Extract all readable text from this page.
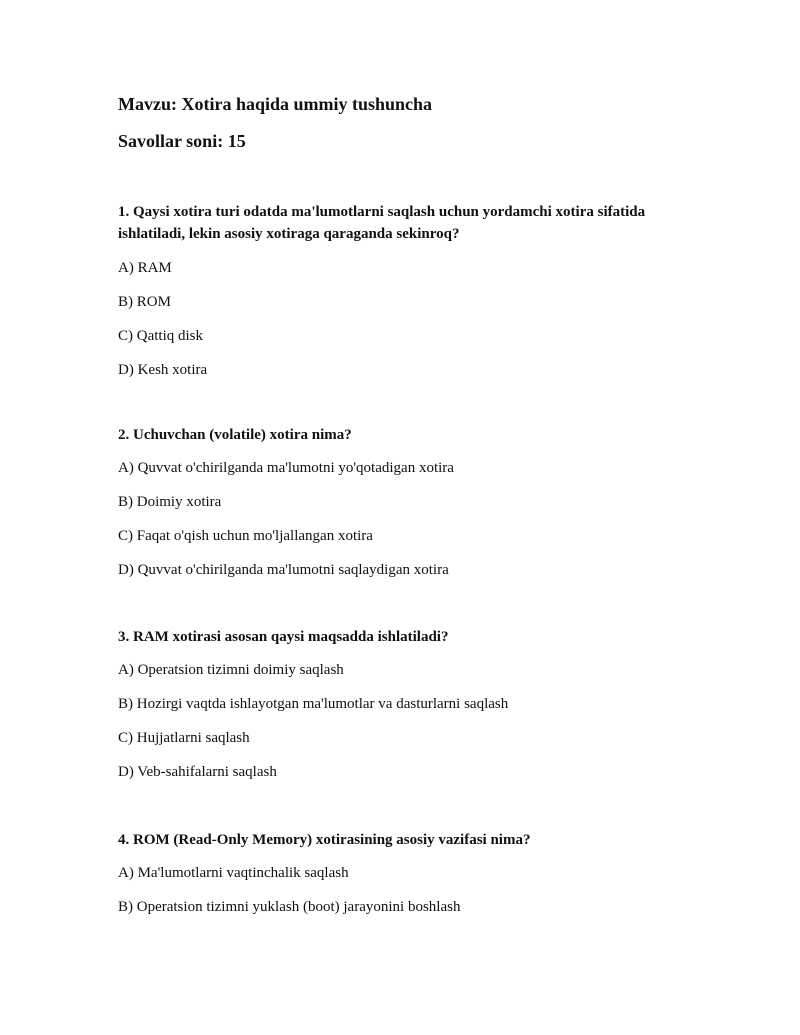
Mavzu: Xotira haqida ummiy tushuncha
Savollar soni: 15

1. Qaysi xotira turi odatda ma'lumotlarni saqlash uchun yordamchi xotira sifatida ishlatiladi, lekin asosiy xotiraga qaraganda sekinroq?

A) RAM

B) ROM

C) Qattiq disk

D) Kesh xotira

2. Uchuvchan (volatile) xotira nima?

A) Quvvat o'chirilganda ma'lumotni yo'qotadigan xotira

B) Doimiy xotira

C) Faqat o'qish uchun mo'ljallangan xotira

D) Quvvat o'chirilganda ma'lumotni saqlaydigan xotira

3. RAM xotirasi asosan qaysi maqsadda ishlatiladi?

A) Operatsion tizimni doimiy saqlash

B) Hozirgi vaqtda ishlayotgan ma'lumotlar va dasturlarni saqlash

C) Hujjatlarni saqlash

D) Veb-sahifalarni saqlash

4. ROM (Read-Only Memory) xotirasining asosiy vazifasi nima?

A) Ma'lumotlarni vaqtinchalik saqlash

B) Operatsion tizimni yuklash (boot) jarayonini boshlash
